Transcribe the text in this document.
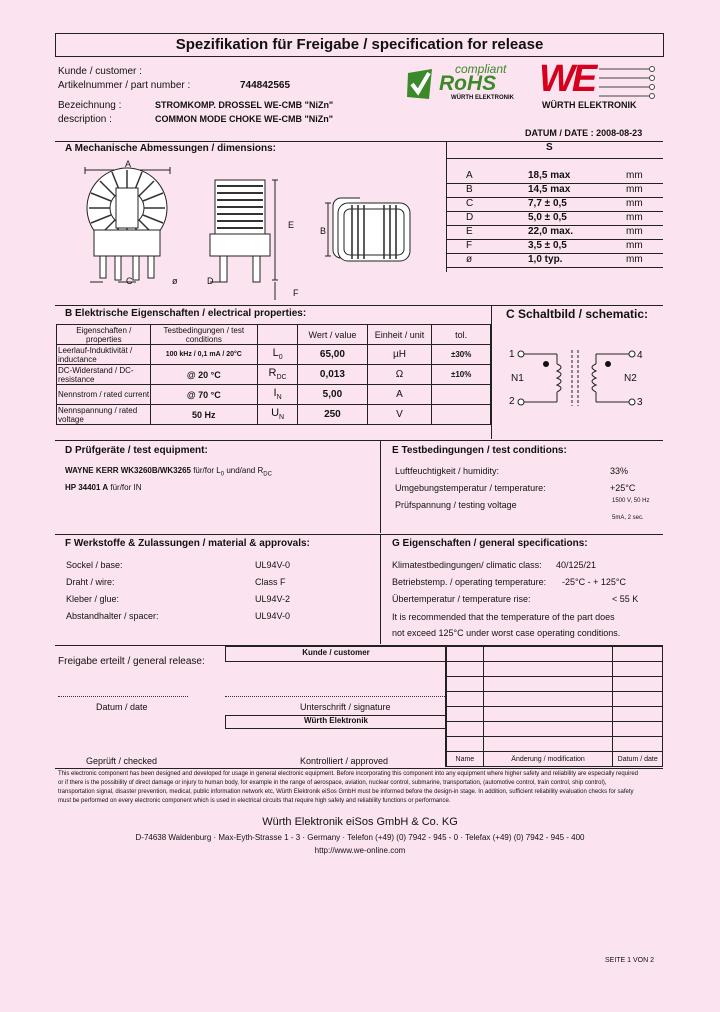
Spezifikation für Freigabe / specification for release
Kunde / customer :
Artikelnummer / part number :	744842565
Bezeichnung :	STROMKOMP. DROSSEL WE-CMB "NiZn"
description :	COMMON MODE CHOKE WE-CMB "NiZn"
DATUM / DATE : 2008-08-23
compliant
RoHS
WÜRTH ELEKTRONIK WE
WÜRTH ELEKTRONIK
A Mechanische Abmessungen / dimensions:
A
C	ø	D
E
F
B
S
A	18,5 max	mm
B	14,5 max	mm
C	7,7 ± 0,5	mm
D	5,0 ± 0,5	mm
E	22,0 max.	mm
F	3,5 ± 0,5	mm
ø	1,0 typ.	mm
B Elektrische Eigenschaften / electrical properties:
Eigenschaften / properties	Testbedingungen / test conditions		Wert / value	Einheit / unit	tol.
Leerlauf-Induktivität / inductance	100 kHz / 0,1 mA / 20°C	$L_0$	65,00	µH	±30%
DC-Widerstand / DC-resistance	@ 20 °C	$R_{DC}$	0,013	Ω	±10%
Nennstrom / rated current	@ 70 °C	$I_N$	5,00	A	
Nennspannung / rated voltage	50 Hz	$U_N$	250	V	
C Schaltbild / schematic:
1	4
2	3
N1	N2
D Prüfgeräte / test equipment:
WAYNE KERR WK3260B/WK3265 für/for $L_0$ und/and $R_{DC}$
HP 34401 A für/for IN
E Testbedingungen / test conditions:
Luftfeuchtigkeit / humidity:	33%
Umgebungstemperatur / temperature:	+25°C
Prüfspannung / testing voltage	1500 V, 50 Hz
5mA, 2 sec.
F Werkstoffe & Zulassungen / material & approvals:
Sockel / base:	UL94V-0
Draht / wire:	Class F
Kleber / glue:	UL94V-2
Abstandhalter / spacer:	UL94V-0
G Eigenschaften / general specifications:
Klimatestbedingungen/ climatic class: 40/125/21
Betriebstemp. / operating temperature: -25°C - + 125°C
Übertemperatur / temperature rise:	< 55 K
It is recommended that the temperature of the part does
not exceed 125°C under worst case operating conditions.
Freigabe erteilt / general release:
Kunde / customer
Datum / date	Unterschrift / signature
Würth Elektronik
Geprüft / checked	Kontrolliert / approved

			Name	Änderung / modification	Datum / date
This electronic component has been designed and developed for usage in general electronic equipment. Before incorporating this component into any equipment where higher safety and reliability are especially required
or if there is the possibility of direct damage or injury to human body, for example in the range of aerospace, aviation, nuclear control, submarine, transportation, (automotive control, train control, ship control),
transportation signal, disaster prevention, medical, public information network etc, Würth Elektronik eiSos GmbH must be informed before the design-in stage. In addition, sufficient reliability evaluation checks for safety
must be performed on every electronic component which is used in electrical circuits that require high safety and reliability functions or performance.
Würth Elektronik eiSos GmbH & Co. KG
D-74638 Waldenburg · Max-Eyth-Strasse 1 - 3 · Germany · Telefon (+49) (0) 7942 - 945 - 0 · Telefax (+49) (0) 7942 - 945 - 400
http://www.we-online.com
SEITE 1 VON 2
